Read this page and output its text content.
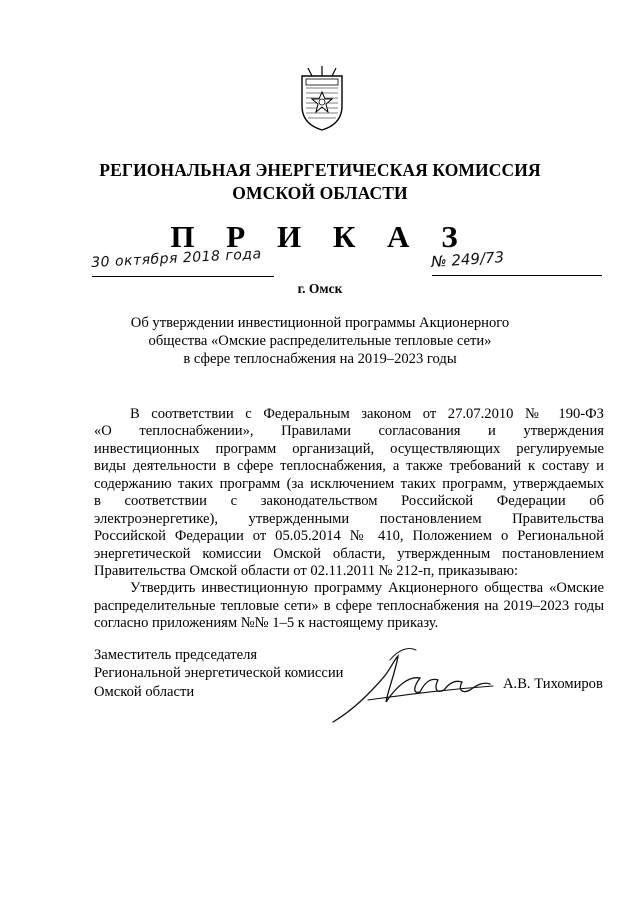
РЕГИОНАЛЬНАЯ ЭНЕРГЕТИЧЕСКАЯ КОМИССИЯ
ОМСКОЙ ОБЛАСТИ
П Р И К А З
30 октября 2018 года	№ 249/73
г. Омск
Об утверждении инвестиционной программы Акционерного
общества «Омские распределительные тепловые сети»
в сфере теплоснабжения на 2019–2023 годы
В соответствии с Федеральным законом от 27.07.2010 № 190-ФЗ
«О теплоснабжении», Правилами согласования и утверждения
инвестиционных программ организаций, осуществляющих регулируемые
виды деятельности в сфере теплоснабжения, а также требований к составу и
содержанию таких программ (за исключением таких программ, утверждаемых
в соответствии с законодательством Российской Федерации об
электроэнергетике), утвержденными постановлением Правительства
Российской Федерации от 05.05.2014 № 410, Положением о Региональной
энергетической комиссии Омской области, утвержденным постановлением
Правительства Омской области от 02.11.2011 № 212-п, приказываю:
Утвердить инвестиционную программу Акционерного общества «Омские
распределительные тепловые сети» в сфере теплоснабжения на 2019–2023 годы
согласно приложениям №№ 1–5 к настоящему приказу.
Заместитель председателя
Региональной энергетической комиссии
Омской области	А.В. Тихомиров
